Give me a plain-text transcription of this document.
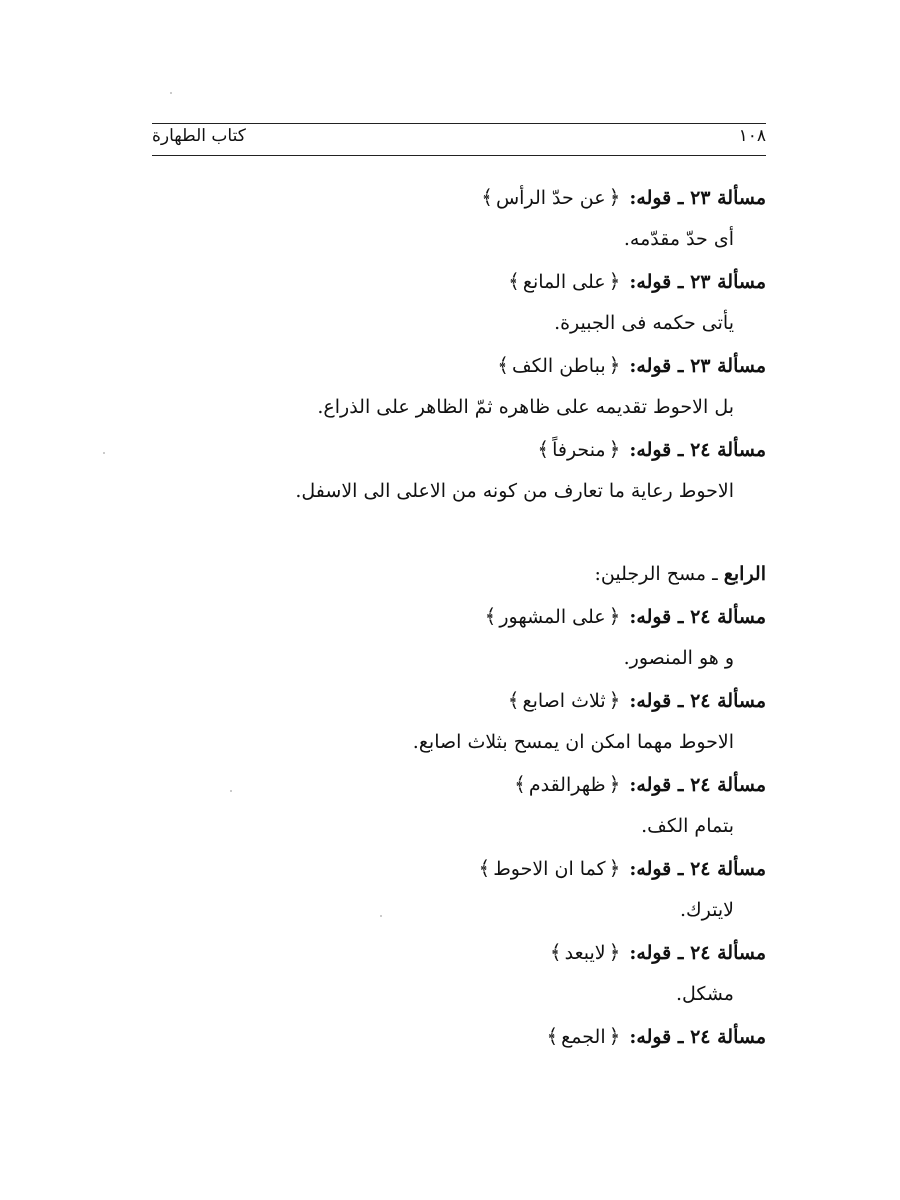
كتاب الطهارة	١٠٨
مسألة ٢٣ ـ قوله: ﴿عن حدّ الرأس﴾
أى حدّ مقدّمه.
مسألة ٢٣ ـ قوله: ﴿على المانع﴾
يأتى حكمه فى الجبيرة.
مسألة ٢٣ ـ قوله: ﴿بباطن الكف﴾
بل الاحوط تقديمه على ظاهره ثمّ الظاهر على الذراع.
مسألة ٢٤ ـ قوله: ﴿منحرفاً﴾
الاحوط رعاية ما تعارف من كونه من الاعلى الى الاسفل.
الرابع ـ مسح الرجلين:
مسألة ٢٤ ـ قوله: ﴿على المشهور﴾
و هو المنصور.
مسألة ٢٤ ـ قوله: ﴿ثلاث اصابع﴾
الاحوط مهما امكن ان يمسح بثلاث اصابع.
مسألة ٢٤ ـ قوله: ﴿ظهرالقدم﴾
بتمام الكف.
مسألة ٢٤ ـ قوله: ﴿كما ان الاحوط﴾
لايترك.
مسألة ٢٤ ـ قوله: ﴿لايبعد﴾
مشكل.
مسألة ٢٤ ـ قوله: ﴿الجمع﴾
